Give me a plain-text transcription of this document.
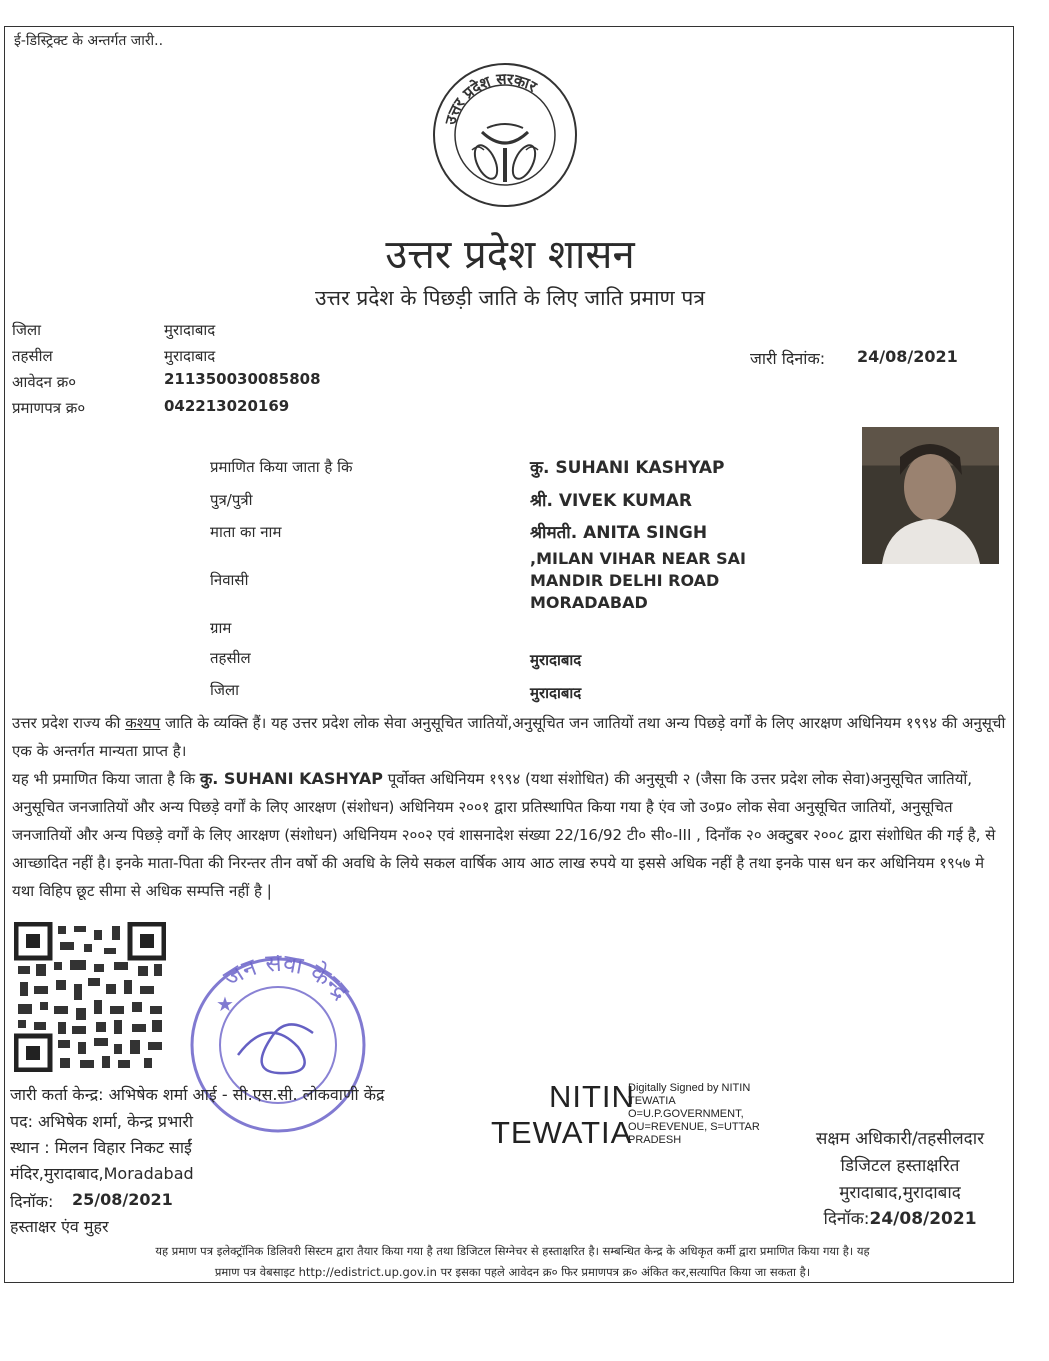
ई-डिस्ट्रिक्ट के अन्तर्गत जारी..
उत्तर प्रदेश सरकार
उत्तर प्रदेश शासन
उत्तर प्रदेश के पिछड़ी जाति के लिए जाति प्रमाण पत्र
जिला	मुरादाबाद
तहसील	मुरादाबाद
आवेदन क्र०	211350030085808
प्रमाणपत्र क्र०	042213020169
जारी दिनांक: 24/08/2021
प्रमाणित किया जाता है कि	कु. SUHANI KASHYAP
पुत्र/पुत्री	श्री. VIVEK KUMAR
माता का नाम	श्रीमती. ANITA SINGH
निवासी
,MILAN VIHAR NEAR SAI
MANDIR DELHI ROAD
MORADABAD
ग्राम
तहसील	मुरादाबाद
जिला	मुरादाबाद
उत्तर प्रदेश राज्य की कश्यप जाति के व्यक्ति हैं। यह उत्तर प्रदेश लोक सेवा अनुसूचित जातियों,अनुसूचित जन जातियों तथा अन्य पिछड़े वर्गों के लिए आरक्षण अधिनियम १९९४ की अनुसूची एक के अन्तर्गत मान्यता प्राप्त है।
यह भी प्रमाणित किया जाता है कि कु. SUHANI KASHYAP पूर्वोक्त अधिनियम १९९४ (यथा संशोधित) की अनुसूची २ (जैसा कि उत्तर प्रदेश लोक सेवा)अनुसूचित जातियों, अनुसूचित जनजातियों और अन्य पिछड़े वर्गों के लिए आरक्षण (संशोधन) अधिनियम २००१ द्वारा प्रतिस्थापित किया गया है एंव जो उ०प्र० लोक सेवा अनुसूचित जातियों, अनुसूचित जनजातियों और अन्य पिछड़े वर्गों के लिए आरक्षण (संशोधन) अधिनियम २००२ एवं शासनादेश संख्या 22/16/92 टी० सी०-III , दिनाँक २० अक्टुबर २००८ द्वारा संशोधित की गई है, से आच्छादित नहीं है। इनके माता-पिता की निरन्तर तीन वर्षो की अवधि के लिये सकल वार्षिक आय आठ लाख रुपये या इससे अधिक नहीं है तथा इनके पास धन कर अधिनियम १९५७ मे यथा विहिप छूट सीमा से अधिक सम्पत्ति नहीं है |
जन सेवा केन्द्र
★
जारी कर्ता केन्द्र: अभिषेक शर्मा आई - सी.एस.सी. लोकवाणी केंद्र
पद: अभिषेक शर्मा, केन्द्र प्रभारी
स्थान : मिलन विहार निकट साईं
मंदिर,मुरादाबाद,Moradabad
दिनॉक: 25/08/2021
हस्ताक्षर एंव मुहर
NITIN
TEWATIA
Digitally Signed by NITIN
TEWATIA
O=U.P.GOVERNMENT,
OU=REVENUE, S=UTTAR
PRADESH	सक्षम अधिकारी/तहसीलदार
डिजिटल हस्ताक्षरित
मुरादाबाद,मुरादाबाद
दिनॉक:24/08/2021
यह प्रमाण पत्र इलेक्ट्रॉनिक डिलिवरी सिस्टम द्वारा तैयार किया गया है तथा डिजिटल सिग्नेचर से हस्ताक्षरित है। सम्बन्धित केन्द्र के अधिकृत कर्मी द्वारा प्रमाणित किया गया है। यह
प्रमाण पत्र वेबसाइट http://edistrict.up.gov.in पर इसका पहले आवेदन क्र० फिर प्रमाणपत्र क्र० अंकित कर,सत्यापित किया जा सकता है।
